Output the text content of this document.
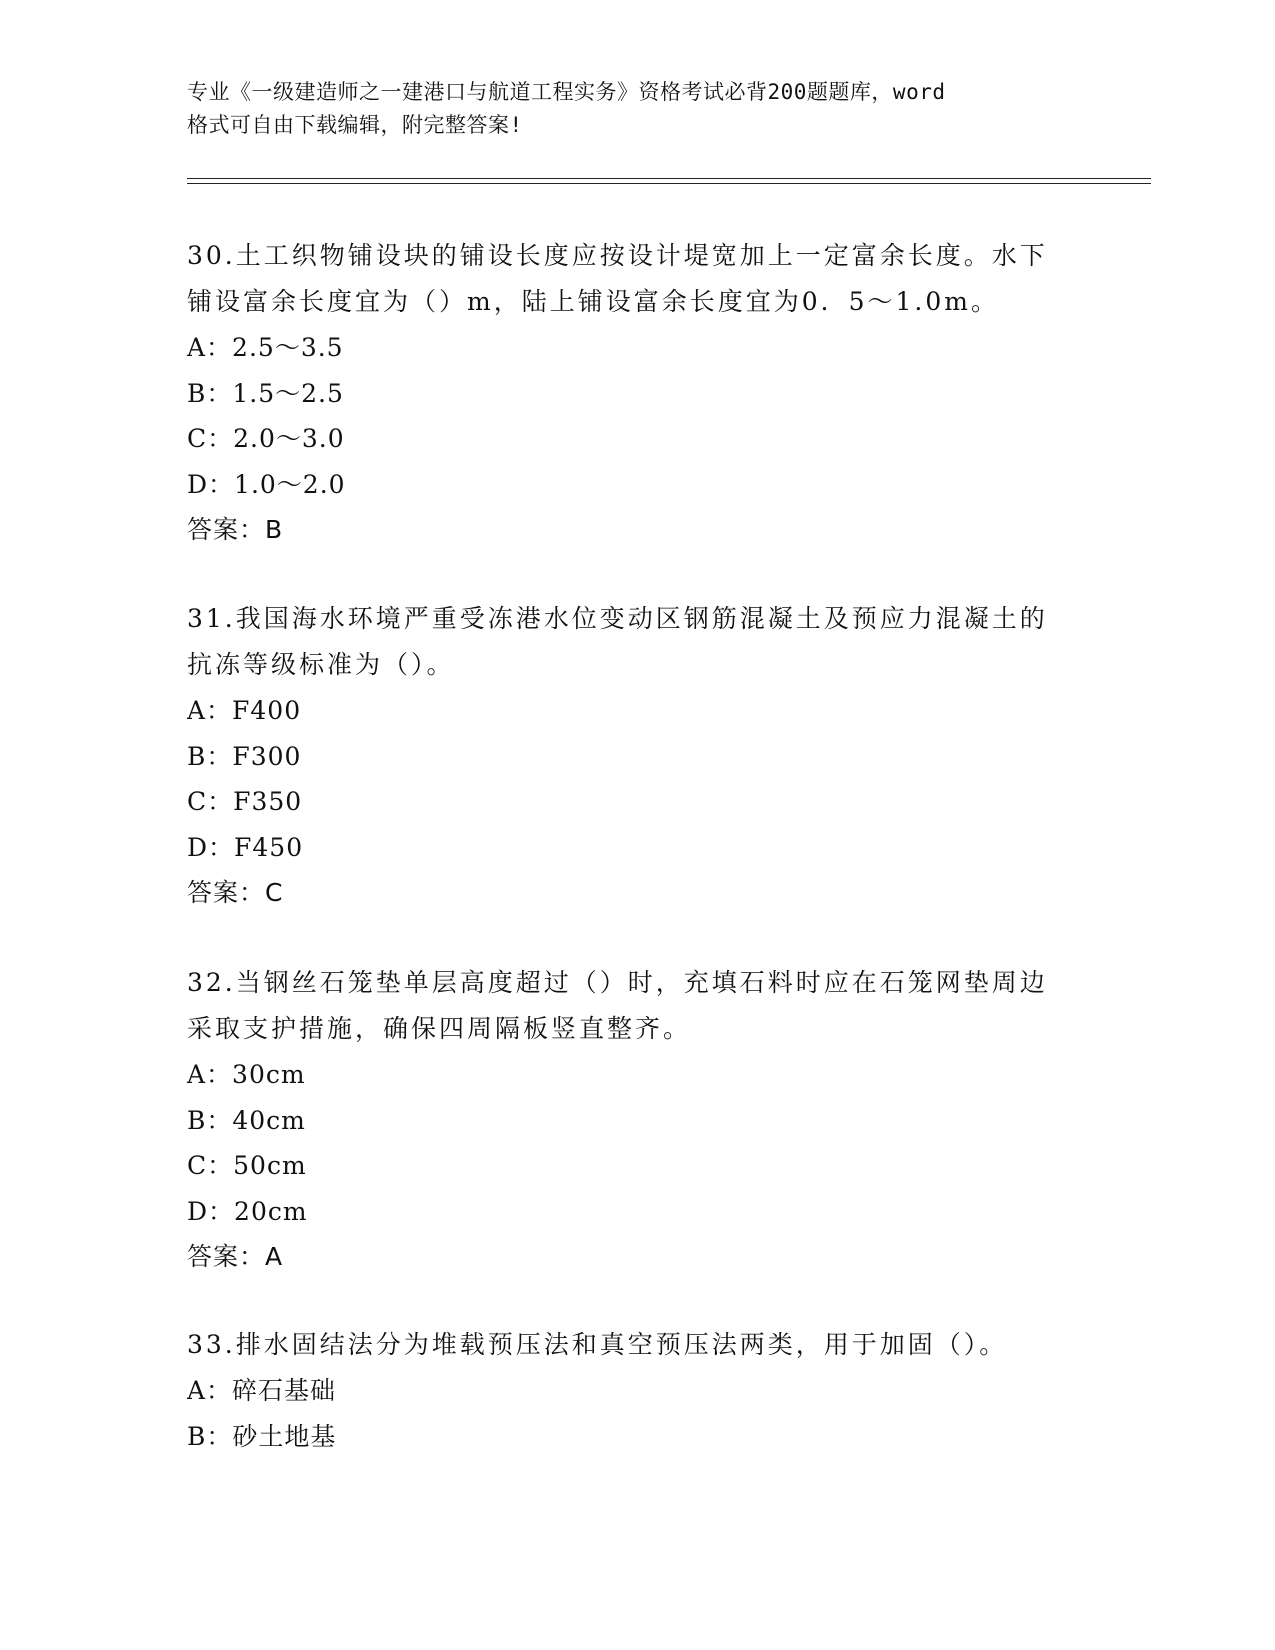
专业《一级建造师之一建港口与航道工程实务》资格考试必背200题题库，word
格式可自由下载编辑，附完整答案!

30.土工织物铺设块的铺设长度应按设计堤宽加上一定富余长度。水下
铺设富余长度宜为（）m，陆上铺设富余长度宜为0．5～1.0m。

A：2.5～3.5

B：1.5～2.5

C：2.0～3.0

D：1.0～2.0

答案：B

31.我国海水环境严重受冻港水位变动区钢筋混凝土及预应力混凝土的
抗冻等级标准为（）。

A：F400

B：F300

C：F350

D：F450

答案：C

32.当钢丝石笼垫单层高度超过（）时，充填石料时应在石笼网垫周边
采取支护措施，确保四周隔板竖直整齐。

A：30cm

B：40cm

C：50cm

D：20cm

答案：A

33.排水固结法分为堆载预压法和真空预压法两类，用于加固（）。

A：碎石基础

B：砂土地基
